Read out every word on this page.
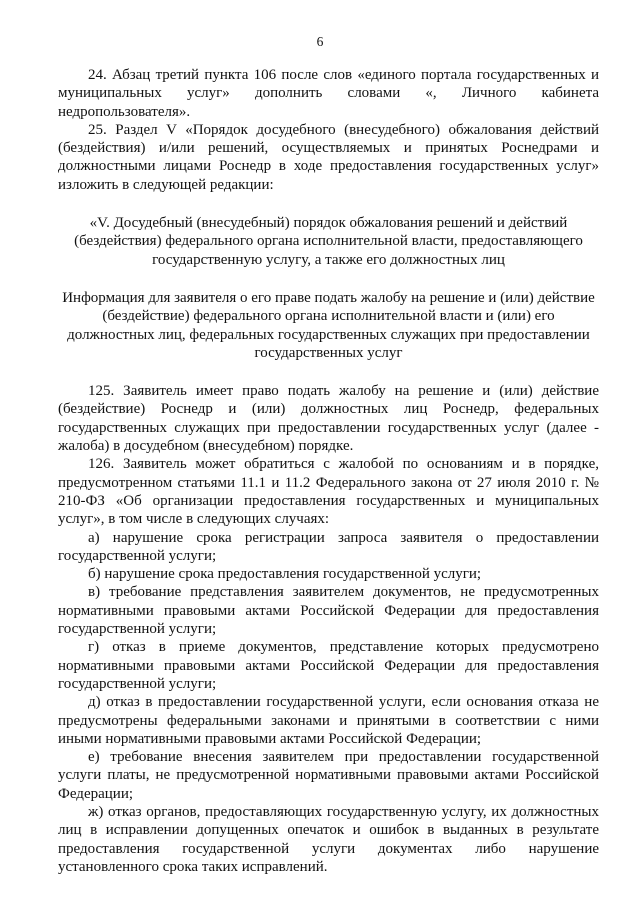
6

24. Абзац третий пункта 106 после слов «единого портала государственных и муниципальных услуг» дополнить словами «, Личного кабинета недропользователя».

25. Раздел V «Порядок досудебного (внесудебного) обжалования действий (бездействия) и/или решений, осуществляемых и принятых Роснедрами и должностными лицами Роснедр в ходе предоставления государственных услуг» изложить в следующей редакции:

«V. Досудебный (внесудебный) порядок обжалования решений и действий (бездействия) федерального органа исполнительной власти, предоставляющего государственную услугу, а также его должностных лиц

Информация для заявителя о его праве подать жалобу на решение и (или) действие (бездействие) федерального органа исполнительной власти и (или) его должностных лиц, федеральных государственных служащих при предоставлении государственных услуг

125. Заявитель имеет право подать жалобу на решение и (или) действие (бездействие) Роснедр и (или) должностных лиц Роснедр, федеральных государственных служащих при предоставлении государственных услуг (далее - жалоба) в досудебном (внесудебном) порядке.

126. Заявитель может обратиться с жалобой по основаниям и в порядке, предусмотренном статьями 11.1 и 11.2 Федерального закона от 27 июля 2010 г. № 210-ФЗ «Об организации предоставления государственных и муниципальных услуг», в том числе в следующих случаях:

а) нарушение срока регистрации запроса заявителя о предоставлении государственной услуги;

б) нарушение срока предоставления государственной услуги;

в) требование представления заявителем документов, не предусмотренных нормативными правовыми актами Российской Федерации для предоставления государственной услуги;

г) отказ в приеме документов, представление которых предусмотрено нормативными правовыми актами Российской Федерации для предоставления государственной услуги;

д) отказ в предоставлении государственной услуги, если основания отказа не предусмотрены федеральными законами и принятыми в соответствии с ними иными нормативными правовыми актами Российской Федерации;

е) требование внесения заявителем при предоставлении государственной услуги платы, не предусмотренной нормативными правовыми актами Российской Федерации;

ж) отказ органов, предоставляющих государственную услугу, их должностных лиц в исправлении допущенных опечаток и ошибок в выданных в результате предоставления государственной услуги документах либо нарушение установленного срока таких исправлений.
